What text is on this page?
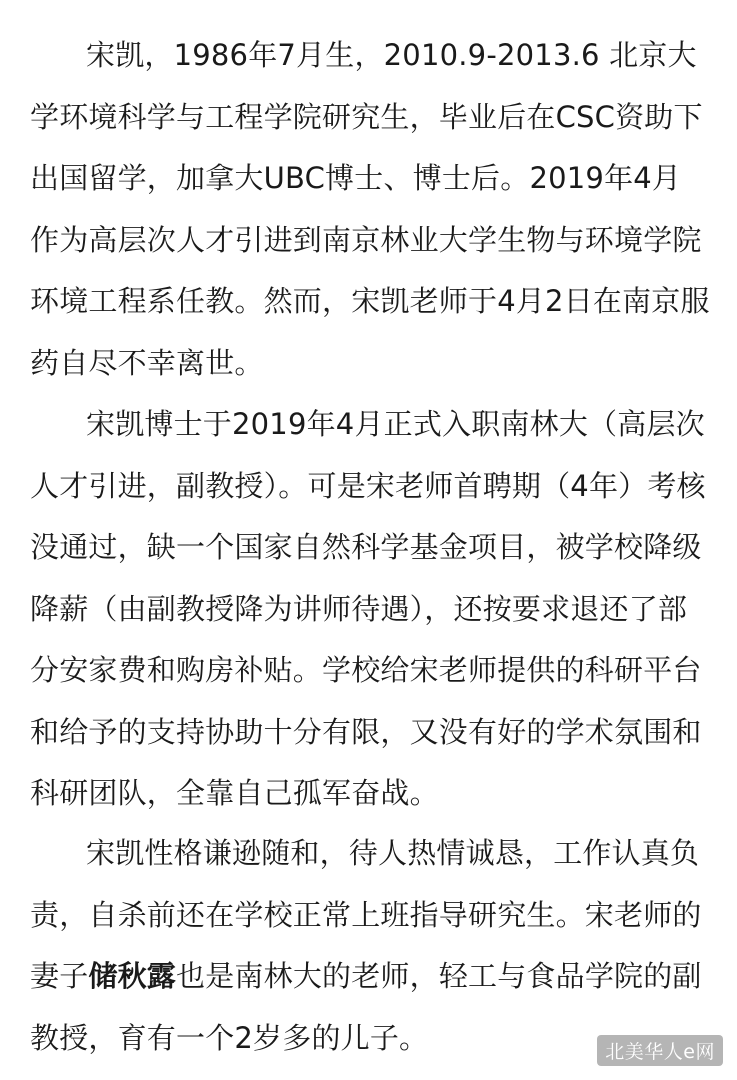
宋凯，1986年7月生，2010.9-2013.6 北京大学环境科学与工程学院研究生，毕业后在CSC资助下出国留学，加拿大UBC博士、博士后。2019年4月作为高层次人才引进到南京林业大学生物与环境学院环境工程系任教。然而，宋凯老师于4月2日在南京服药自尽不幸离世。

宋凯博士于2019年4月正式入职南林大（高层次人才引进，副教授）。可是宋老师首聘期（4年）考核没通过，缺一个国家自然科学基金项目，被学校降级降薪（由副教授降为讲师待遇），还按要求退还了部分安家费和购房补贴。学校给宋老师提供的科研平台和给予的支持协助十分有限，又没有好的学术氛围和科研团队，全靠自己孤军奋战。

宋凯性格谦逊随和，待人热情诚恳，工作认真负责，自杀前还在学校正常上班指导研究生。宋老师的妻子储秋露也是南林大的老师，轻工与食品学院的副教授，育有一个2岁多的儿子。	北美华人e网
